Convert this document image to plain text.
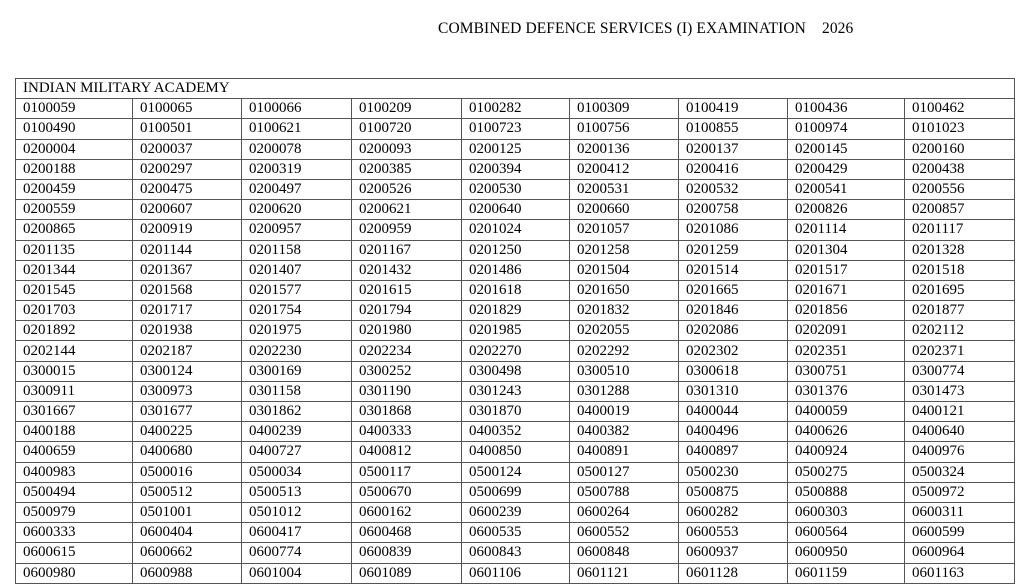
COMBINED DEFENCE SERVICES (I) EXAMINATION 2026
INDIAN MILITARY ACADEMY								
0100059	0100065	0100066	0100209	0100282	0100309	0100419	0100436	0100462
0100490	0100501	0100621	0100720	0100723	0100756	0100855	0100974	0101023
0200004	0200037	0200078	0200093	0200125	0200136	0200137	0200145	0200160
0200188	0200297	0200319	0200385	0200394	0200412	0200416	0200429	0200438
0200459	0200475	0200497	0200526	0200530	0200531	0200532	0200541	0200556
0200559	0200607	0200620	0200621	0200640	0200660	0200758	0200826	0200857
0200865	0200919	0200957	0200959	0201024	0201057	0201086	0201114	0201117
0201135	0201144	0201158	0201167	0201250	0201258	0201259	0201304	0201328
0201344	0201367	0201407	0201432	0201486	0201504	0201514	0201517	0201518
0201545	0201568	0201577	0201615	0201618	0201650	0201665	0201671	0201695
0201703	0201717	0201754	0201794	0201829	0201832	0201846	0201856	0201877
0201892	0201938	0201975	0201980	0201985	0202055	0202086	0202091	0202112
0202144	0202187	0202230	0202234	0202270	0202292	0202302	0202351	0202371
0300015	0300124	0300169	0300252	0300498	0300510	0300618	0300751	0300774
0300911	0300973	0301158	0301190	0301243	0301288	0301310	0301376	0301473
0301667	0301677	0301862	0301868	0301870	0400019	0400044	0400059	0400121
0400188	0400225	0400239	0400333	0400352	0400382	0400496	0400626	0400640
0400659	0400680	0400727	0400812	0400850	0400891	0400897	0400924	0400976
0400983	0500016	0500034	0500117	0500124	0500127	0500230	0500275	0500324
0500494	0500512	0500513	0500670	0500699	0500788	0500875	0500888	0500972
0500979	0501001	0501012	0600162	0600239	0600264	0600282	0600303	0600311
0600333	0600404	0600417	0600468	0600535	0600552	0600553	0600564	0600599
0600615	0600662	0600774	0600839	0600843	0600848	0600937	0600950	0600964
0600980	0600988	0601004	0601089	0601106	0601121	0601128	0601159	0601163
